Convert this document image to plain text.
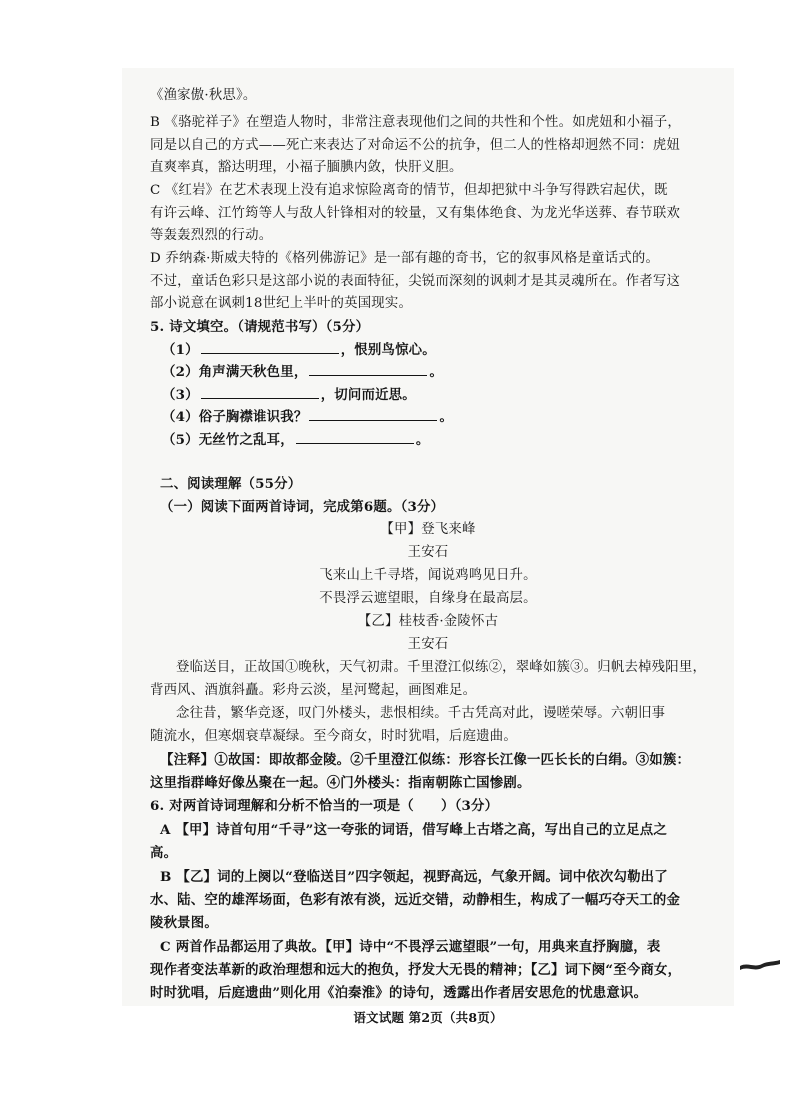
《渔家傲·秋思》。
B 《骆驼祥子》在塑造人物时，非常注意表现他们之间的共性和个性。如虎妞和小福子，
同是以自己的方式——死亡来表达了对命运不公的抗争，但二人的性格却迥然不同：虎妞
直爽率真，豁达明理，小福子腼腆内敛，快肝义胆。
C 《红岩》在艺术表现上没有追求惊险离奇的情节，但却把狱中斗争写得跌宕起伏，既
有许云峰、江竹筠等人与敌人针锋相对的较量，又有集体绝食、为龙光华送葬、春节联欢
等轰轰烈烈的行动。
D 乔纳森·斯威夫特的《格列佛游记》是一部有趣的奇书，它的叙事风格是童话式的。
不过，童话色彩只是这部小说的表面特征，尖锐而深刻的讽刺才是其灵魂所在。作者写这
部小说意在讽刺18世纪上半叶的英国现实。
5. 诗文填空。（请规范书写）（5分）
（1）	，恨别鸟惊心。
（2）角声满天秋色里，	。
（3）	，切问而近思。
（4）俗子胸襟谁识我？	。
（5）无丝竹之乱耳，	。
二、阅读理解（55分）
（一）阅读下面两首诗词，完成第6题。（3分）
【甲】登飞来峰
王安石
飞来山上千寻塔，闻说鸡鸣见日升。
不畏浮云遮望眼，自缘身在最高层。
【乙】桂枝香·金陵怀古
王安石
登临送目，正故国①晚秋，天气初肃。千里澄江似练②，翠峰如簇③。归帆去棹残阳里，
背西风、酒旗斜矗。彩舟云淡，星河鹭起，画图难足。
念往昔，繁华竞逐，叹门外楼头，悲恨相续。千古凭高对此，谩嗟荣辱。六朝旧事
随流水，但寒烟衰草凝绿。至今商女，时时犹唱，后庭遗曲。
【注释】①故国：即故都金陵。②千里澄江似练：形容长江像一匹长长的白绢。③如簇：
这里指群峰好像丛聚在一起。④门外楼头：指南朝陈亡国惨剧。
6. 对两首诗词理解和分析不恰当的一项是（　　）（3分）
A 【甲】诗首句用“千寻”这一夸张的词语，借写峰上古塔之高，写出自己的立足点之
高。
B 【乙】词的上阕以“登临送目”四字领起，视野高远，气象开阔。词中依次勾勒出了
水、陆、空的雄浑场面，色彩有浓有淡，远近交错，动静相生，构成了一幅巧夺天工的金
陵秋景图。
C 两首作品都运用了典故。【甲】诗中“不畏浮云遮望眼”一句，用典来直抒胸臆，表
现作者变法革新的政治理想和远大的抱负，抒发大无畏的精神；【乙】词下阕“至今商女，
时时犹唱，后庭遗曲”则化用《泊秦淮》的诗句，透露出作者居安思危的忧患意识。
语文试题 第2页（共8页）
